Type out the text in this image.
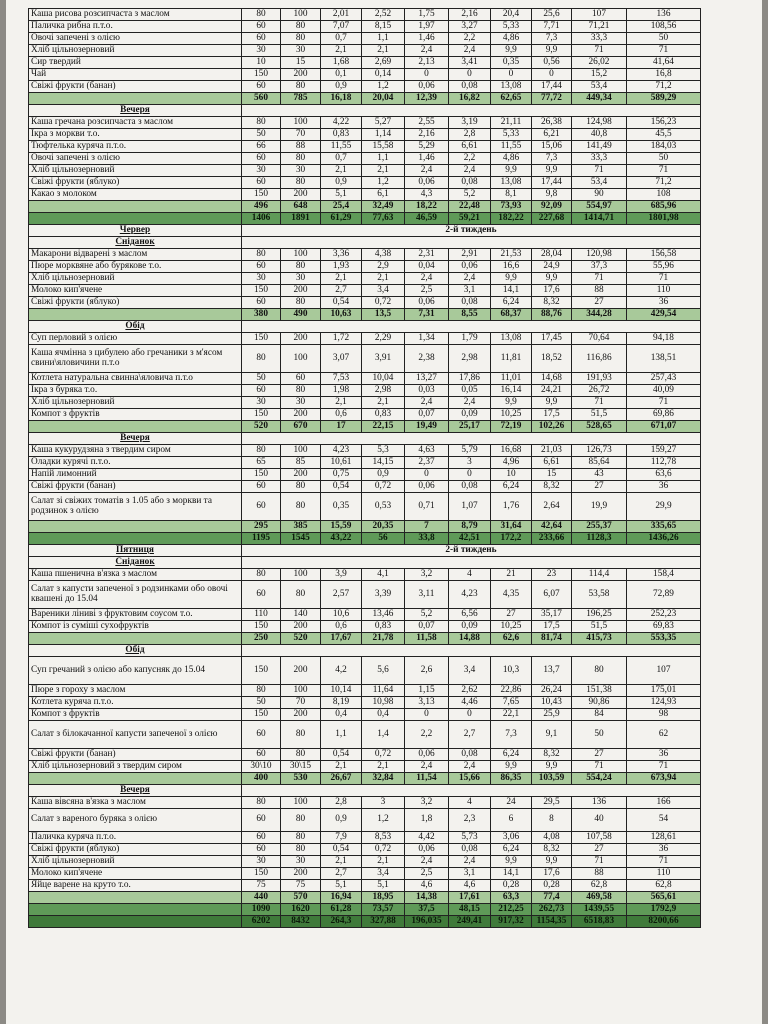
Каша рисова розсипчаста з маслом	80	100	2,01	2,52	1,75	2,16	20,4	25,6	107	136
Паличка рибна п.т.о.	60	80	7,07	8,15	1,97	3,27	5,33	7,71	71,21	108,56
Овочі запечені з олією	60	80	0,7	1,1	1,46	2,2	4,86	7,3	33,3	50
Хліб цільнозерновий	30	30	2,1	2,1	2,4	2,4	9,9	9,9	71	71
Сир твердий	10	15	1,68	2,69	2,13	3,41	0,35	0,56	26,02	41,64
Чай	150	200	0,1	0,14	0	0	0	0	15,2	16,8
Свіжі фрукти (банан)	60	80	0,9	1,2	0,06	0,08	13,08	17,44	53,4	71,2
	560	785	16,18	20,04	12,39	16,82	62,65	77,72	449,34	589,29
Вечеря										
Каша гречана розсипчаста з маслом	80	100	4,22	5,27	2,55	3,19	21,11	26,38	124,98	156,23
Ікра з моркви т.о.	50	70	0,83	1,14	2,16	2,8	5,33	6,21	40,8	45,5
Тюфтелька куряча п.т.о.	66	88	11,55	15,58	5,29	6,61	11,55	15,06	141,49	184,03
Овочі запечені з олією	60	80	0,7	1,1	1,46	2,2	4,86	7,3	33,3	50
Хліб цільнозерновий	30	30	2,1	2,1	2,4	2,4	9,9	9,9	71	71
Свіжі фрукти (яблуко)	60	80	0,9	1,2	0,06	0,08	13,08	17,44	53,4	71,2
Какао з молоком	150	200	5,1	6,1	4,3	5,2	8,1	9,8	90	108
	496	648	25,4	32,49	18,22	22,48	73,93	92,09	554,97	685,96
	1406	1891	61,29	77,63	46,59	59,21	182,22	227,68	1414,71	1801,98
Червер	2-й тиждень									
Сніданок										
Макарони відварені з маслом	80	100	3,36	4,38	2,31	2,91	21,53	28,04	120,98	156,58
Пюре морквяне або бурякове т.о.	60	80	1,93	2,9	0,04	0,06	16,6	24,9	37,3	55,96
Хліб цільнозерновий	30	30	2,1	2,1	2,4	2,4	9,9	9,9	71	71
Молоко кип'ячене	150	200	2,7	3,4	2,5	3,1	14,1	17,6	88	110
Свіжі фрукти (яблуко)	60	80	0,54	0,72	0,06	0,08	6,24	8,32	27	36
	380	490	10,63	13,5	7,31	8,55	68,37	88,76	344,28	429,54
Обід										
Суп перловий з олією	150	200	1,72	2,29	1,34	1,79	13,08	17,45	70,64	94,18
Каша ячмінна з цибулею або гречаники з м'ясом свини\яловичини п.т.о	80	100	3,07	3,91	2,38	2,98	11,81	18,52	116,86	138,51
Котлета натуральна свинна\яловича п.т.о	50	60	7,53	10,04	13,27	17,86	11,01	14,68	191,93	257,43
Ікра з буряка т.о.	60	80	1,98	2,98	0,03	0,05	16,14	24,21	26,72	40,09
Хліб цільнозерновий	30	30	2,1	2,1	2,4	2,4	9,9	9,9	71	71
Компот з фруктів	150	200	0,6	0,83	0,07	0,09	10,25	17,5	51,5	69,86
	520	670	17	22,15	19,49	25,17	72,19	102,26	528,65	671,07
Вечеря										
Каша кукурудзяна з твердим сиром	80	100	4,23	5,3	4,63	5,79	16,68	21,03	126,73	159,27
Оладки курячі п.т.о.	65	85	10,61	14,15	2,37	3	4,96	6,61	85,64	112,78
Напій лимонний	150	200	0,75	0,9	0	0	10	15	43	63,6
Свіжі фрукти (банан)	60	80	0,54	0,72	0,06	0,08	6,24	8,32	27	36
Салат зі свіжих томатів з 1.05 або з моркви та родзинок з олією	60	80	0,35	0,53	0,71	1,07	1,76	2,64	19,9	29,9
	295	385	15,59	20,35	7	8,79	31,64	42,64	255,37	335,65
	1195	1545	43,22	56	33,8	42,51	172,2	233,66	1128,3	1436,26
Пятниця	2-й тиждень									
Сніданок										
Каша пшенична в'язка з маслом	80	100	3,9	4,1	3,2	4	21	23	114,4	158,4
Салат з капусти запеченої з родзинками обо овочі квашені до 15.04	60	80	2,57	3,39	3,11	4,23	4,35	6,07	53,58	72,89
Вареники ліниві з фруктовим соусом т.о.	110	140	10,6	13,46	5,2	6,56	27	35,17	196,25	252,23
Компот із суміші сухофруктів	150	200	0,6	0,83	0,07	0,09	10,25	17,5	51,5	69,83
	250	520	17,67	21,78	11,58	14,88	62,6	81,74	415,73	553,35
Обід										
Суп гречаний з олією або капусняк до 15.04	150	200	4,2	5,6	2,6	3,4	10,3	13,7	80	107
Пюре з гороху з маслом	80	100	10,14	11,64	1,15	2,62	22,86	26,24	151,38	175,01
Котлета куряча п.т.о.	50	70	8,19	10,98	3,13	4,46	7,65	10,43	90,86	124,93
Компот з фруктів	150	200	0,4	0,4	0	0	22,1	25,9	84	98
Салат з білокачанної капусти запеченої з олією	60	80	1,1	1,4	2,2	2,7	7,3	9,1	50	62
Свіжі фрукти (банан)	60	80	0,54	0,72	0,06	0,08	6,24	8,32	27	36
Хліб цільнозерновий з твердим сиром	30\10	30\15	2,1	2,1	2,4	2,4	9,9	9,9	71	71
	400	530	26,67	32,84	11,54	15,66	86,35	103,59	554,24	673,94
Вечеря										
Каша вівсяна в'язка з маслом	80	100	2,8	3	3,2	4	24	29,5	136	166
Салат з вареного буряка з олією	60	80	0,9	1,2	1,8	2,3	6	8	40	54
Паличка куряча п.т.о.	60	80	7,9	8,53	4,42	5,73	3,06	4,08	107,58	128,61
Свіжі фрукти (яблуко)	60	80	0,54	0,72	0,06	0,08	6,24	8,32	27	36
Хліб цільнозерновий	30	30	2,1	2,1	2,4	2,4	9,9	9,9	71	71
Молоко кип'ячене	150	200	2,7	3,4	2,5	3,1	14,1	17,6	88	110
Яйце варене на круто т.о.	75	75	5,1	5,1	4,6	4,6	0,28	0,28	62,8	62,8
	440	570	16,94	18,95	14,38	17,61	63,3	77,4	469,58	565,61
	1090	1620	61,28	73,57	37,5	48,15	212,25	262,73	1439,55	1792,9
	6202	8432	264,3	327,88	196,035	249,41	917,32	1154,35	6518,83	8200,66
